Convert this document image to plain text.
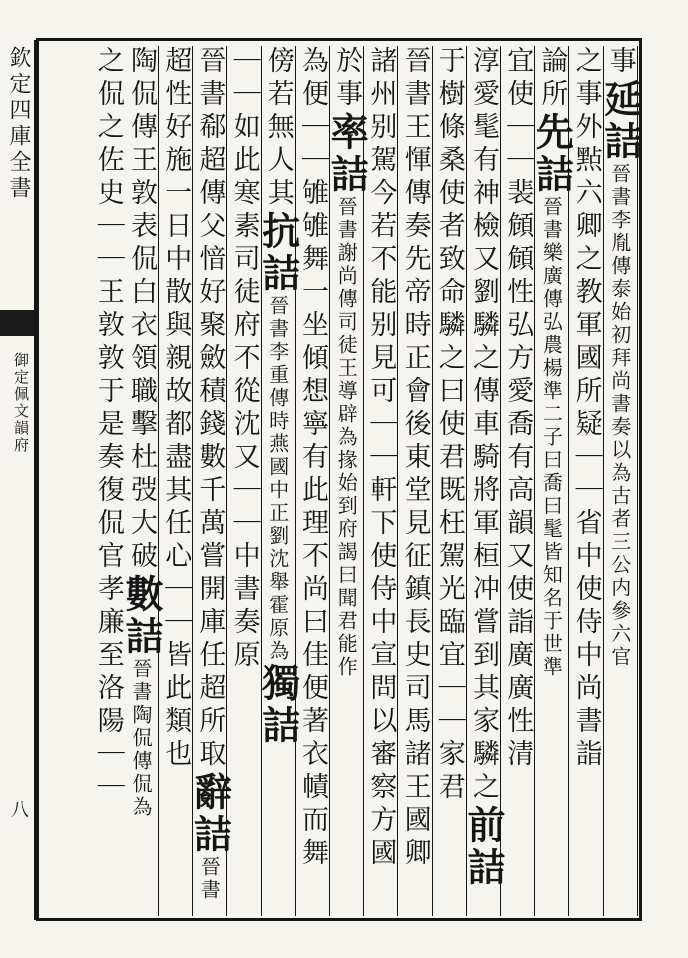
欽定四庫全書
御定佩文韻府
八
事延詰晉書李胤傳泰始初拜尚書奏以為古者三公内參六官
之事外㸃六卿之教軍國所疑｜｜省中使侍中尚書詣
論所先詰晉書樂廣傳弘農楊準二子曰喬曰髦皆知名于世準
宜使｜｜裴頠頠性弘方愛喬有高韻又使詣廣廣性清
淳愛髦有神檢又劉驎之傳車騎將軍桓冲嘗到其家驎之前詰
于樹條桑使者致命驎之曰使君既枉駕光臨宜｜｜家君
晉書王惲傳奏先帝時正會後東堂見征鎮長史司馬諸王國卿
諸州别駕今若不能别見可｜｜軒下使侍中宣問以審察方國
於事率詰晉書謝尚傳司徒王導辟為掾始到府謁曰聞君能作
為便｜｜雊雊舞一坐傾想寧有此理不尚曰佳便著衣幘而舞
傍若無人其抗詰晉書李重傳時燕國中正劉沈舉霍原為獨詰
｜｜如此寒素司徒府不從沈又｜｜中書奏原
晉書郗超傳父愔好聚斂積錢數千萬嘗開庫任超所取辭詰晉書
超性好施一日中散與親故都盡其任心｜｜皆此類也
陶侃傳王敦表侃白衣領職擊杜弢大破數詰晉書陶侃傳侃為
之侃之佐史｜｜王敦敦于是奏復侃官孝廉至洛陽｜｜
